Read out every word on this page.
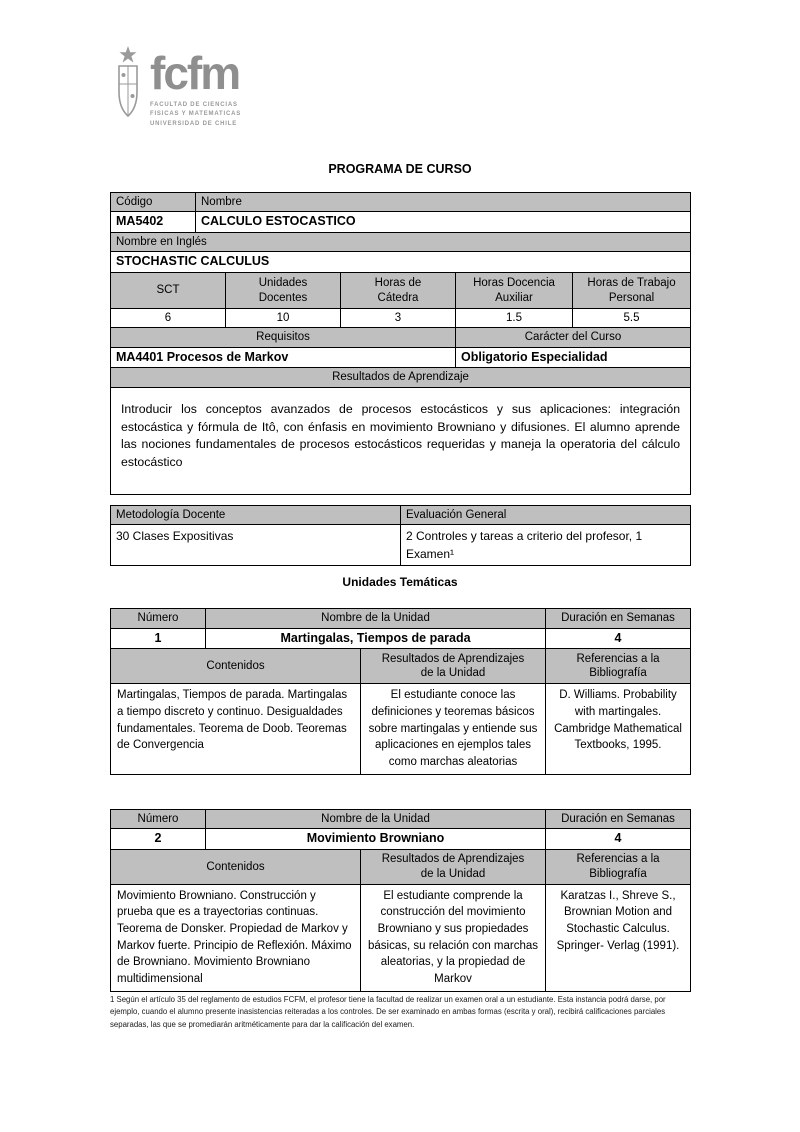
fcfm
FACULTAD DE CIENCIAS
FISICAS Y MATEMATICAS
UNIVERSIDAD DE CHILE
PROGRAMA DE CURSO
Código	Nombre				
MA5402	CALCULO ESTOCASTICO				
Nombre en Inglés					
STOCHASTIC CALCULUS					
SCT		Unidades Docentes	Horas de Cátedra	Horas Docencia Auxiliar	Horas de Trabajo Personal
6		10	3	1.5	5.5
Requisitos				Carácter del Curso	
MA4401 Procesos de Markov				Obligatorio Especialidad	
Resultados de Aprendizaje					
Introducir los conceptos avanzados de procesos estocásticos y sus aplicaciones: integración estocástica y fórmula de Itô, con énfasis en movimiento Browniano y difusiones. El alumno aprende las nociones fundamentales de procesos estocásticos requeridas y maneja la operatoria del cálculo estocástico					
Metodología Docente	Evaluación General
30 Clases Expositivas	2 Controles y tareas a criterio del profesor, 1 Examen¹
Unidades Temáticas
Número	Nombre de la Unidad		Duración en Semanas
1	Martingalas, Tiempos de parada		4
Contenidos		Resultados de Aprendizajes de la Unidad	Referencias a la Bibliografía
Martingalas, Tiempos de parada. Martingalas a tiempo discreto y continuo. Desigualdades fundamentales. Teorema de Doob. Teoremas de Convergencia		El estudiante conoce las definiciones y teoremas básicos sobre martingalas y entiende sus aplicaciones en ejemplos tales como marchas aleatorias	D. Williams. Probability with martingales. Cambridge Mathematical Textbooks, 1995.
Número	Nombre de la Unidad		Duración en Semanas
2	Movimiento Browniano		4
Contenidos		Resultados de Aprendizajes de la Unidad	Referencias a la Bibliografía
Movimiento Browniano. Construcción y prueba que es a trayectorias continuas. Teorema de Donsker. Propiedad de Markov y Markov fuerte. Principio de Reflexión. Máximo de Browniano. Movimiento Browniano multidimensional		El estudiante comprende la construcción del movimiento Browniano y sus propiedades básicas, su relación con marchas aleatorias, y la propiedad de Markov	Karatzas I., Shreve S., Brownian Motion and Stochastic Calculus. Springer- Verlag (1991).
1 Según el artículo 35 del reglamento de estudios FCFM, el profesor tiene la facultad de realizar un examen oral a un estudiante. Esta instancia podrá darse, por ejemplo, cuando el alumno presente inasistencias reiteradas a los controles. De ser examinado en ambas formas (escrita y oral), recibirá calificaciones parciales separadas, las que se promediarán aritméticamente para dar la calificación del examen.
